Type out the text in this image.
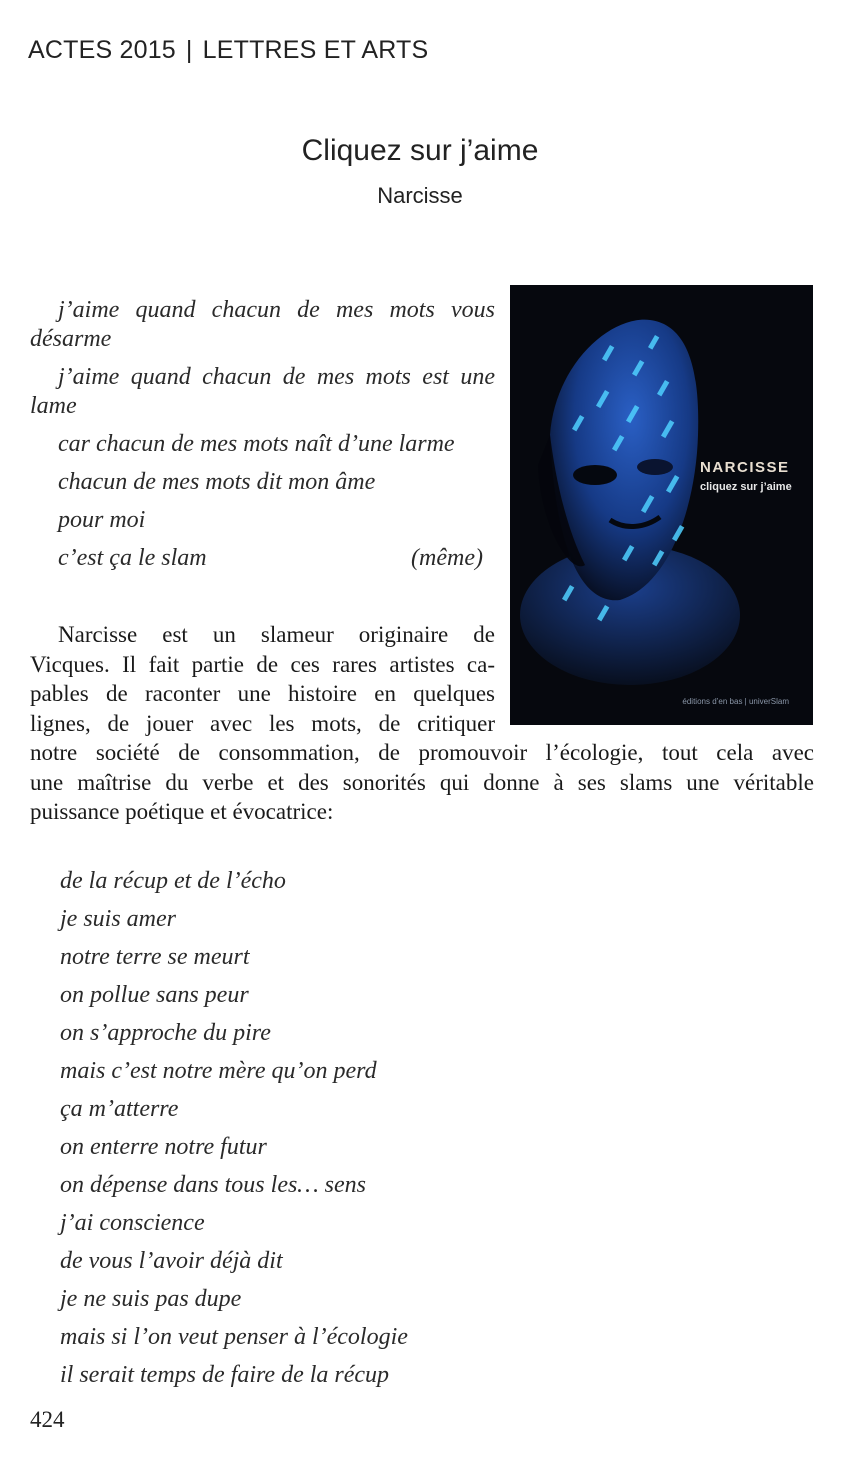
ACTES 2015 | LETTRES ET ARTS
Cliquez sur j’aime
Narcisse
j’aime quand chacun de mes mots vous désarme
j’aime quand chacun de mes mots est une lame
car chacun de mes mots naît d’une larme
chacun de mes mots dit mon âme
pour moi
c’est ça le slam	(même)
NARCISSE
cliquez sur j’aime
éditions d’en bas | univerSlam
Narcisse est un slameur originaire de
Vicques. Il fait partie de ces rares artistes ca-
pables de raconter une histoire en quelques
lignes, de jouer avec les mots, de critiquer
notre société de consommation, de promouvoir l’écologie, tout cela avec
une maîtrise du verbe et des sonorités qui donne à ses slams une véritable
puissance poétique et évocatrice:
de la récup et de l’écho
je suis amer
notre terre se meurt
on pollue sans peur
on s’approche du pire
mais c’est notre mère qu’on perd
ça m’atterre
on enterre notre futur
on dépense dans tous les… sens
j’ai conscience
de vous l’avoir déjà dit
je ne suis pas dupe
mais si l’on veut penser à l’écologie
il serait temps de faire de la récup
424
